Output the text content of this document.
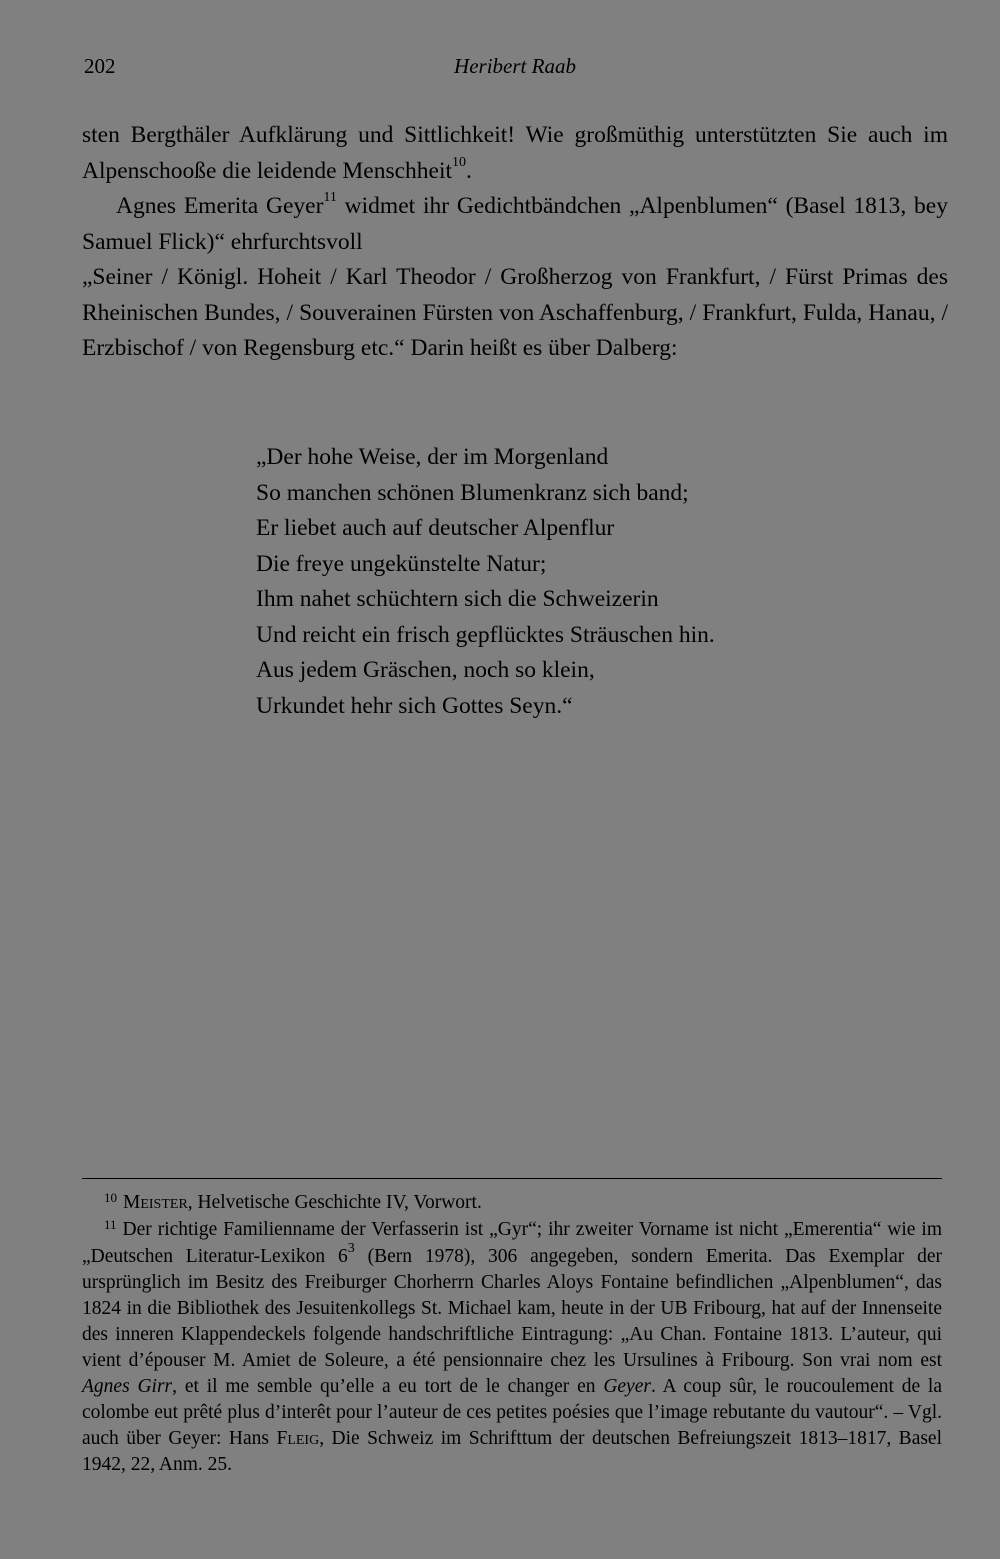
202	Heribert Raab

sten Bergthäler Aufklärung und Sittlichkeit! Wie großmüthig unterstützten Sie auch im Alpenschooße die leidende Menschheit$^{10}$.

Agnes Emerita Geyer$^{11}$ widmet ihr Gedichtbändchen „Alpenblumen“ (Basel 1813, bey Samuel Flick)“ ehrfurchtsvoll

„Seiner / Königl. Hoheit / Karl Theodor / Großherzog von Frankfurt, / Fürst Primas des Rheinischen Bundes, / Souverainen Fürsten von Aschaffenburg, / Frankfurt, Fulda, Hanau, / Erzbischof / von Regensburg etc.“ Darin heißt es über Dalberg:

„Der hohe Weise, der im Morgenland
So manchen schönen Blumenkranz sich band;
Er liebet auch auf deutscher Alpenflur
Die freye ungekünstelte Natur;
Ihm nahet schüchtern sich die Schweizerin
Und reicht ein frisch gepflücktes Sträuschen hin.
Aus jedem Gräschen, noch so klein,
Urkundet hehr sich Gottes Seyn.“

$^{10}$ Meister, Helvetische Geschichte IV, Vorwort.

$^{11}$ Der richtige Familienname der Verfasserin ist „Gyr“; ihr zweiter Vorname ist nicht „Emerentia“ wie im „Deutschen Literatur-Lexikon $6^3$ (Bern 1978), 306 angegeben, sondern Emerita. Das Exemplar der ursprünglich im Besitz des Freiburger Chorherrn Charles Aloys Fontaine befindlichen „Alpenblumen“, das 1824 in die Bibliothek des Jesuitenkollegs St. Michael kam, heute in der UB Fribourg, hat auf der Innenseite des inneren Klappendeckels folgende handschriftliche Eintragung: „Au Chan. Fontaine 1813. L’auteur, qui vient d’épouser M. Amiet de Soleure, a été pensionnaire chez les Ursulines à Fribourg. Son vrai nom est Agnes Girr, et il me semble qu’elle a eu tort de le changer en Geyer. A coup sûr, le roucoulement de la colombe eut prêté plus d’interêt pour l’auteur de ces petites poésies que l’image rebutante du vautour“. – Vgl. auch über Geyer: Hans Fleig, Die Schweiz im Schrifttum der deutschen Befreiungszeit 1813–1817, Basel 1942, 22, Anm. 25.
